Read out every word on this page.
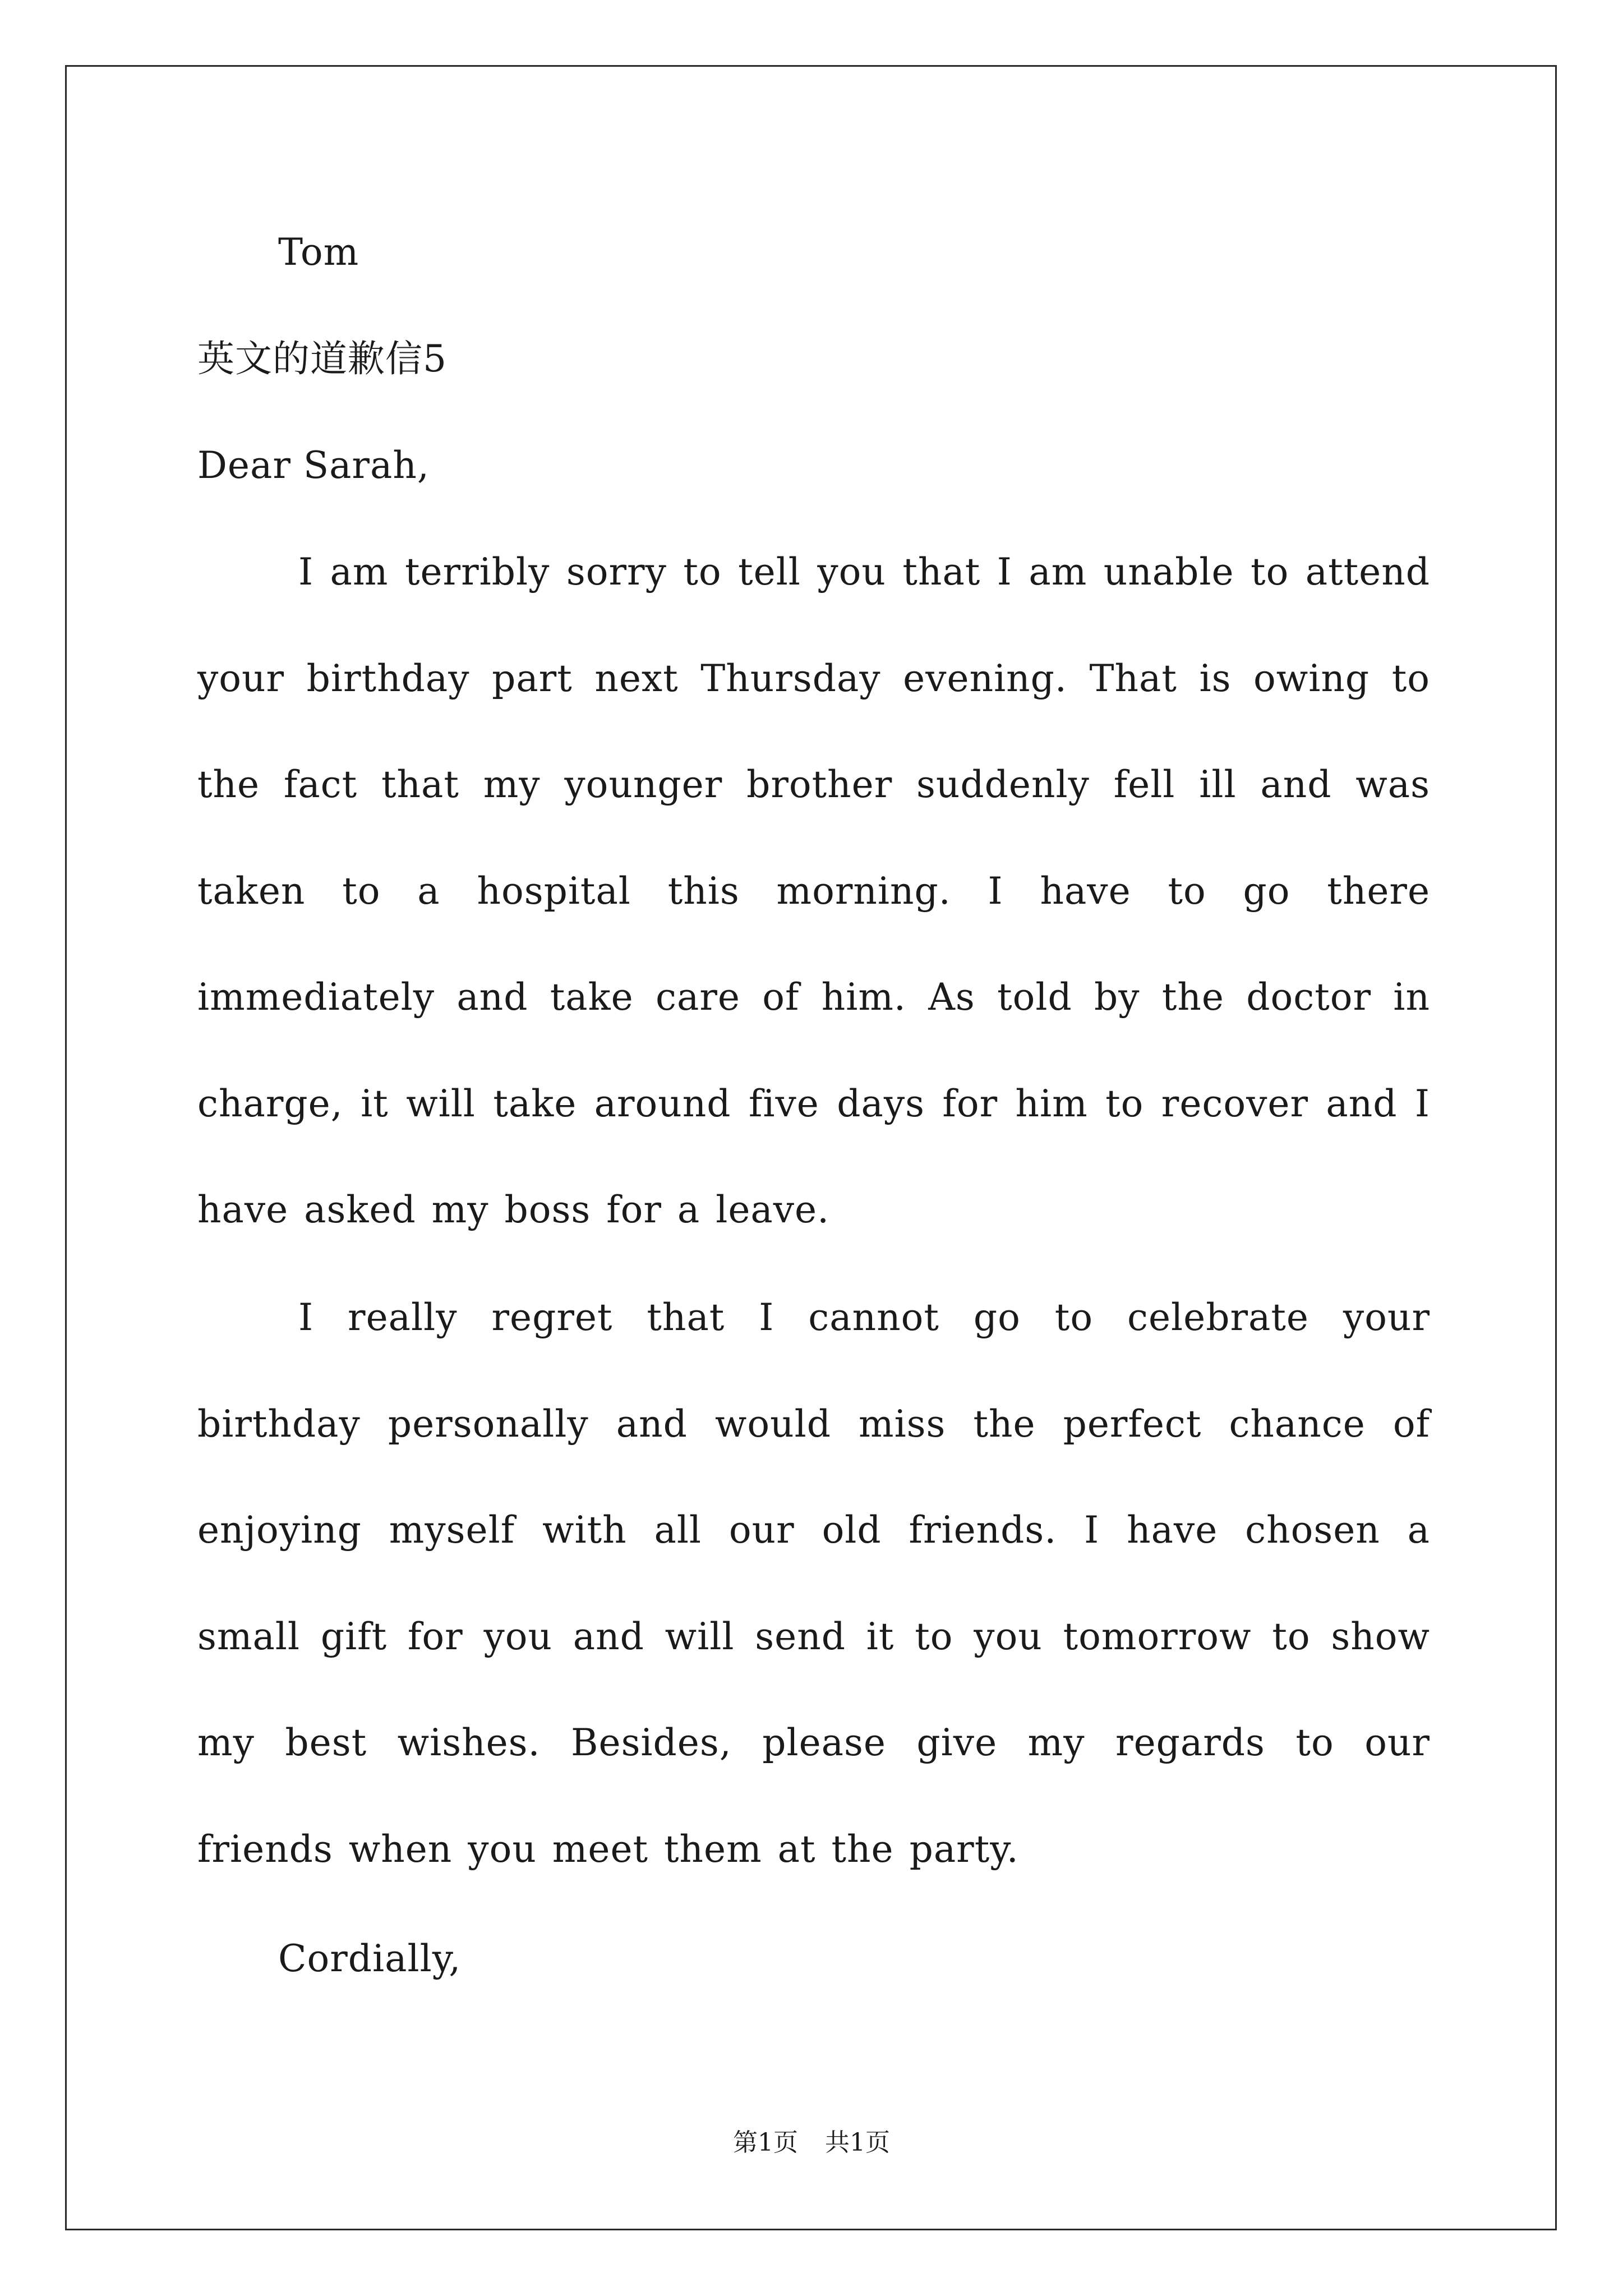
Tom
英文的道歉信5
Dear Sarah,

I am terribly sorry to tell you that I am unable to attend your birthday part next Thursday evening. That is owing to the fact that my younger brother suddenly fell ill and was taken to a hospital this morning. I have to go there immediately and take care of him. As told by the doctor in charge, it will take around five days for him to recover and I have asked my boss for a leave.

I really regret that I cannot go to celebrate your birthday personally and would miss the perfect chance of enjoying myself with all our old friends. I have chosen a small gift for you and will send it to you tomorrow to show my best wishes. Besides, please give my regards to our friends when you meet them at the party.

Cordially,
第1页 共1页
